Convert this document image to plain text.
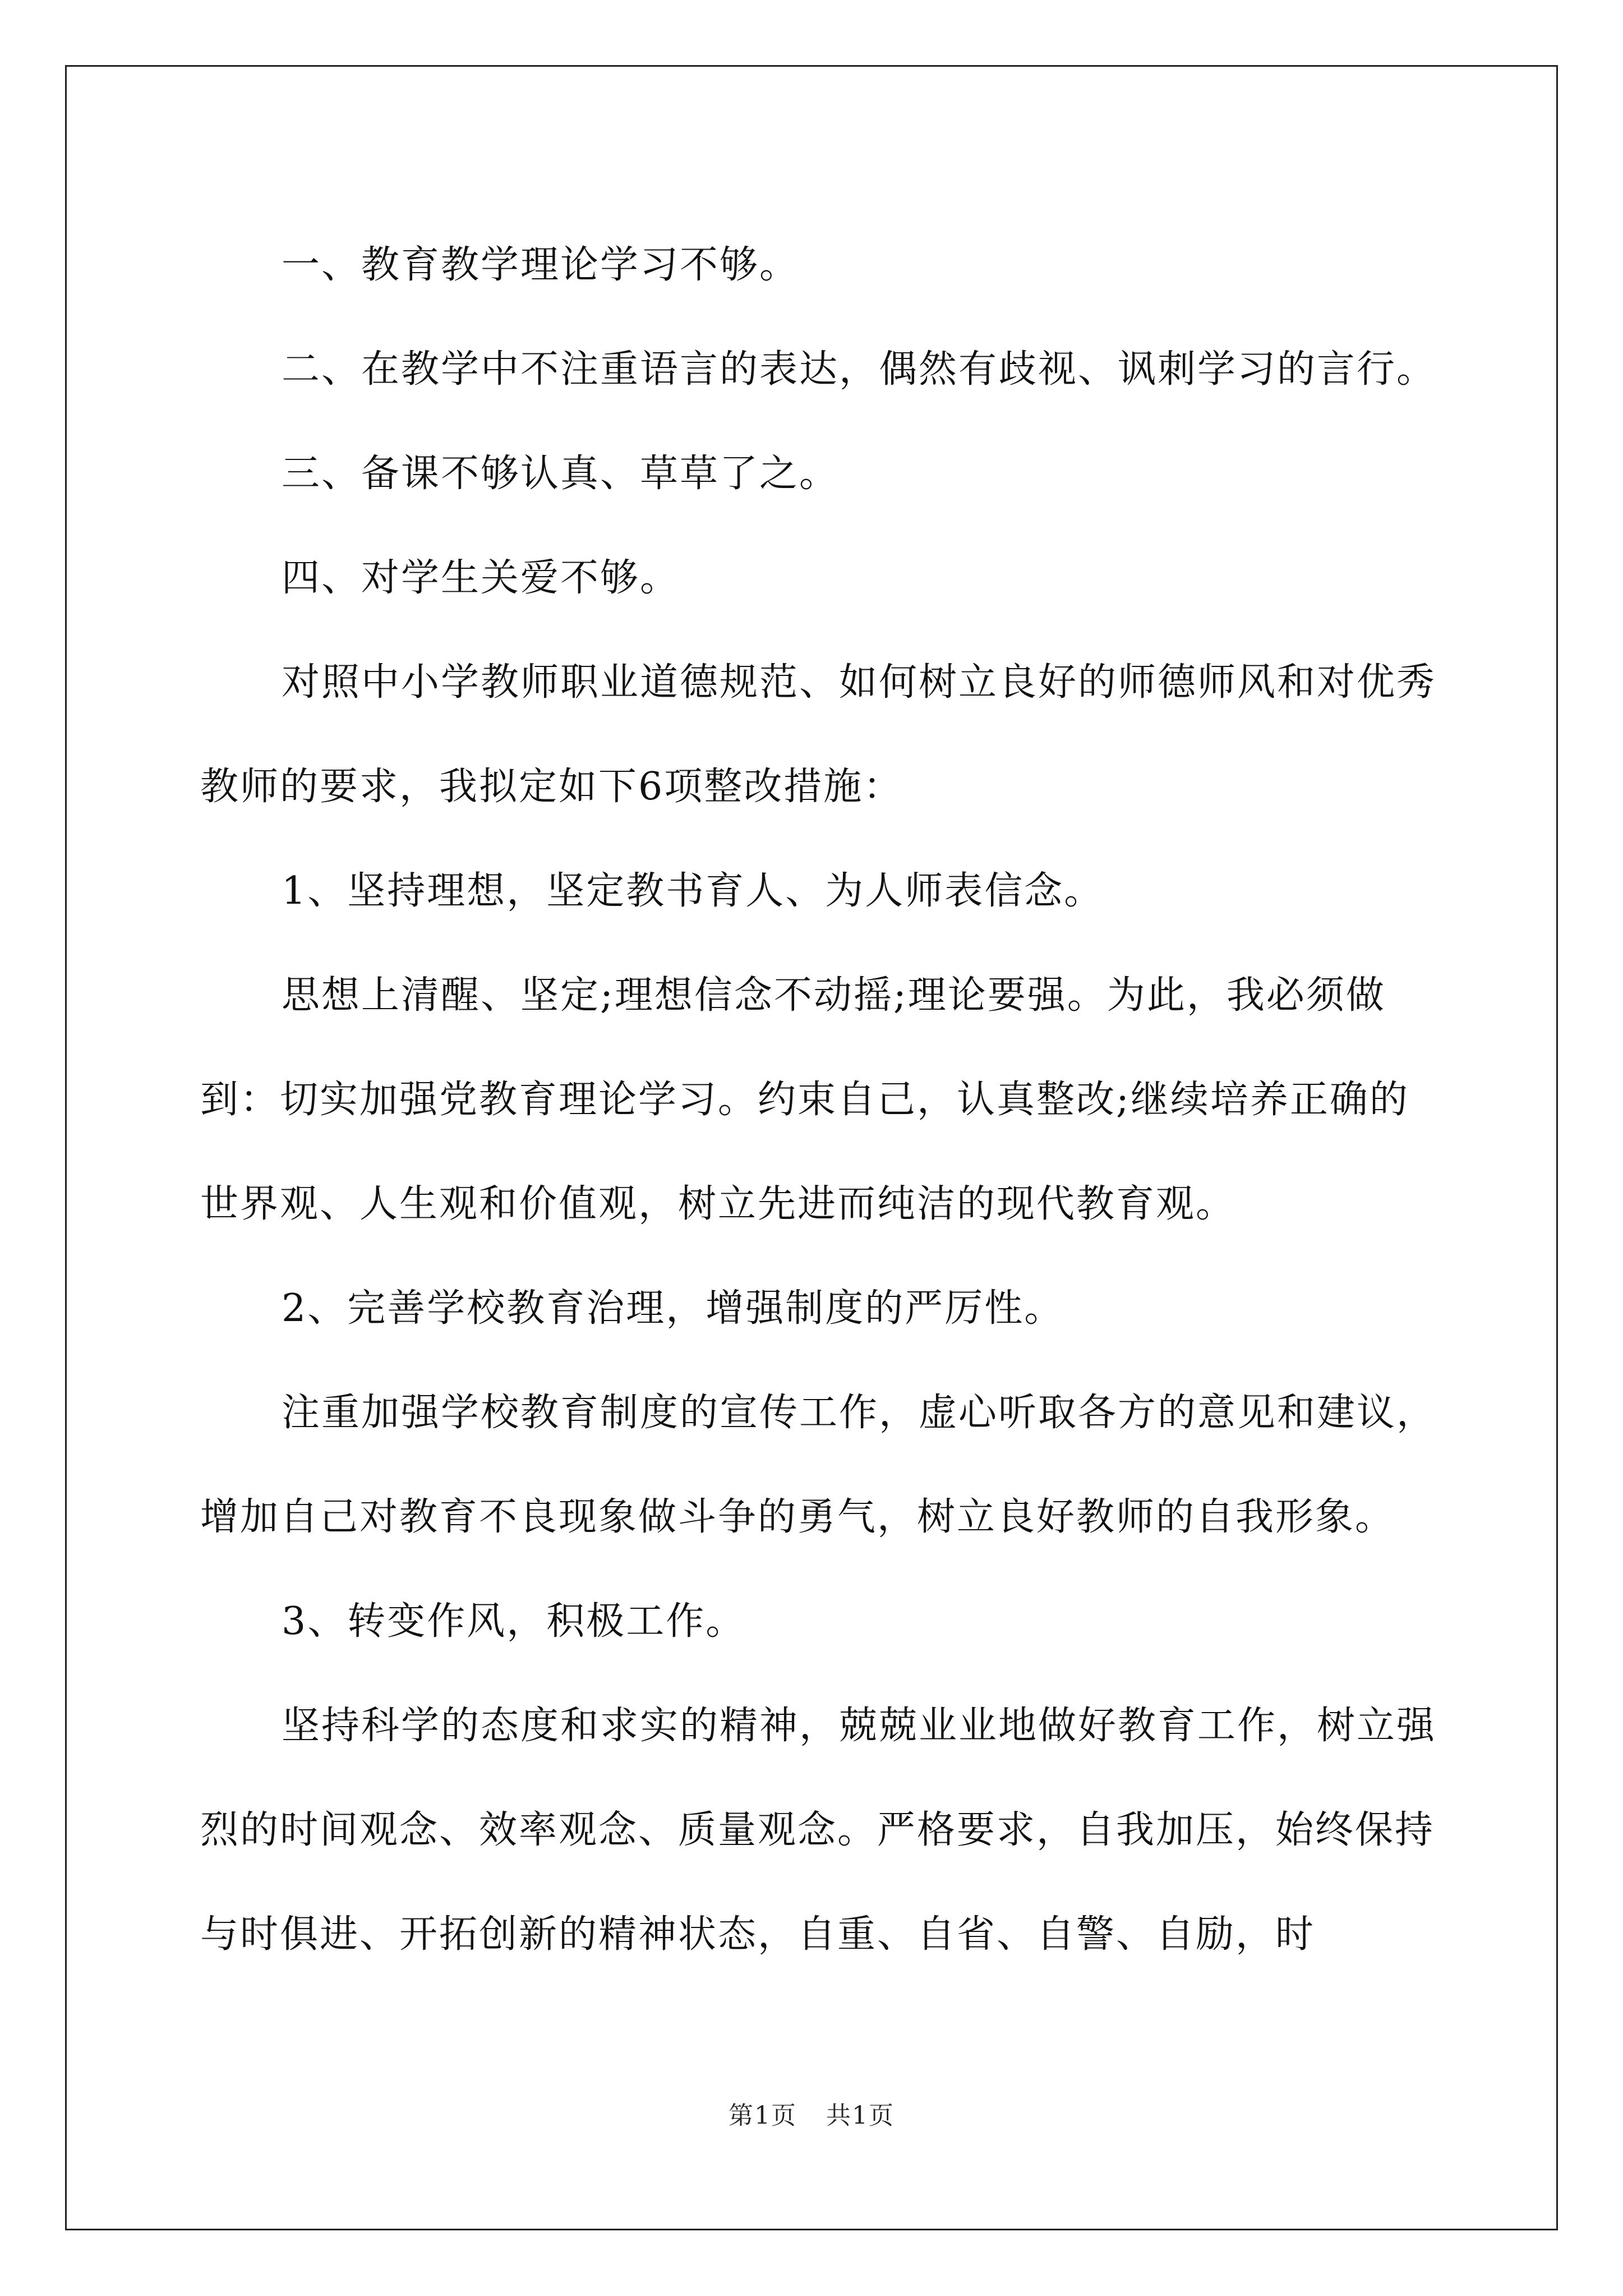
一、教育教学理论学习不够。

二、在教学中不注重语言的表达，偶然有歧视、讽刺学习的言行。

三、备课不够认真、草草了之。

四、对学生关爱不够。

对照中小学教师职业道德规范、如何树立良好的师德师风和对优秀教师的要求，我拟定如下6项整改措施：

1、坚持理想，坚定教书育人、为人师表信念。

思想上清醒、坚定;理想信念不动摇;理论要强。为此，我必须做到：切实加强党教育理论学习。约束自己，认真整改;继续培养正确的世界观、人生观和价值观，树立先进而纯洁的现代教育观。

2、完善学校教育治理，增强制度的严厉性。

注重加强学校教育制度的宣传工作，虚心听取各方的意见和建议，增加自己对教育不良现象做斗争的勇气，树立良好教师的自我形象。

3、转变作风，积极工作。

坚持科学的态度和求实的精神，兢兢业业地做好教育工作，树立强烈的时间观念、效率观念、质量观念。严格要求，自我加压，始终保持与时俱进、开拓创新的精神状态，自重、自省、自警、自励，时

第1页 共1页
